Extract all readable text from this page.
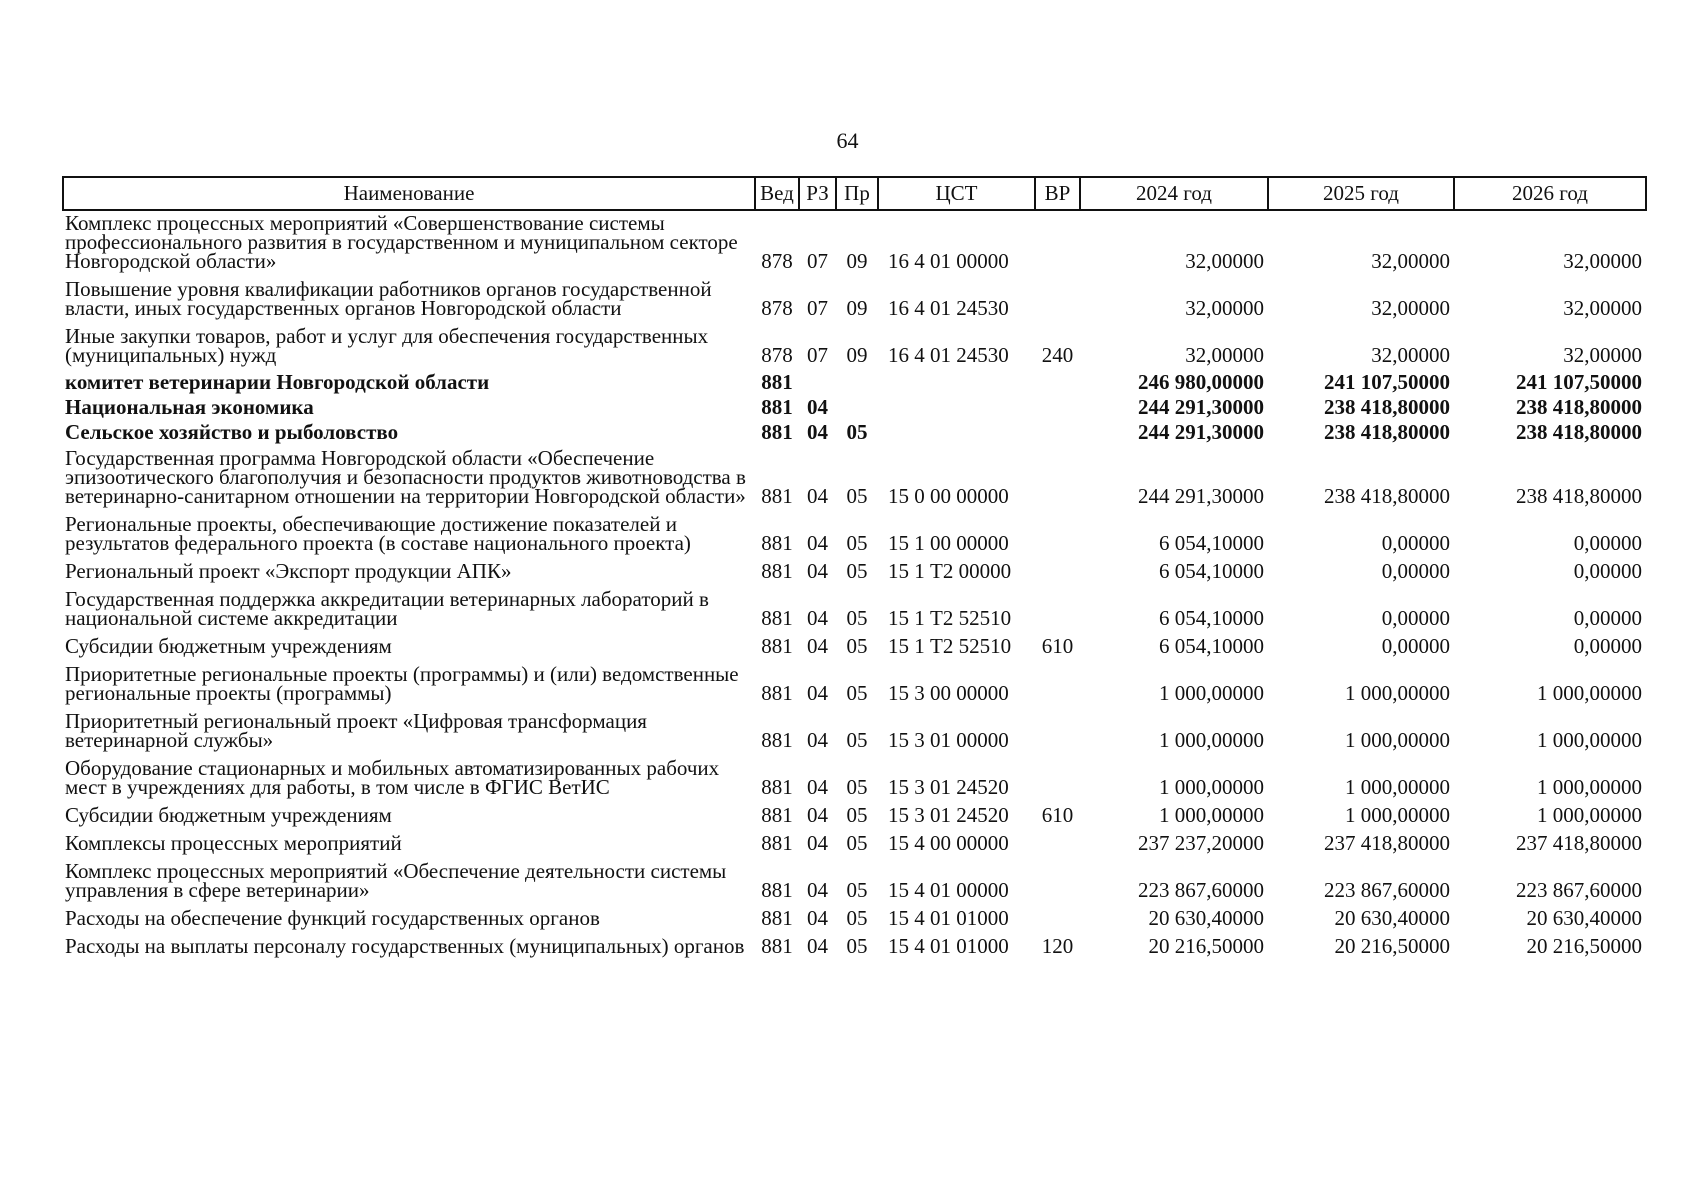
64
Наименование	Вед	РЗ	Пр	ЦСТ	ВР	2024 год	2025 год	2026 год
Комплекс процессных мероприятий «Совершенствование системы профессионального развития в государственном и муниципальном секторе Новгородской области»	878	07	09	16 4 01 00000		32,00000	32,00000	32,00000
Повышение уровня квалификации работников органов государственной власти, иных государственных органов Новгородской области	878	07	09	16 4 01 24530		32,00000	32,00000	32,00000
Иные закупки товаров, работ и услуг для обеспечения государственных (муниципальных) нужд	878	07	09	16 4 01 24530	240	32,00000	32,00000	32,00000
комитет ветеринарии Новгородской области	881					246 980,00000	241 107,50000	241 107,50000
Национальная экономика	881	04				244 291,30000	238 418,80000	238 418,80000
Сельское хозяйство и рыболовство	881	04	05			244 291,30000	238 418,80000	238 418,80000
Государственная программа Новгородской области «Обеспечение эпизоотического благополучия и безопасности продуктов животноводства в ветеринарно-санитарном отношении на территории Новгородской области»	881	04	05	15 0 00 00000		244 291,30000	238 418,80000	238 418,80000
Региональные проекты, обеспечивающие достижение показателей и результатов федерального проекта (в составе национального проекта)	881	04	05	15 1 00 00000		6 054,10000	0,00000	0,00000
Региональный проект «Экспорт продукции АПК»	881	04	05	15 1 Т2 00000		6 054,10000	0,00000	0,00000
Государственная поддержка аккредитации ветеринарных лабораторий в национальной системе аккредитации	881	04	05	15 1 Т2 52510		6 054,10000	0,00000	0,00000
Субсидии бюджетным учреждениям	881	04	05	15 1 Т2 52510	610	6 054,10000	0,00000	0,00000
Приоритетные региональные проекты (программы) и (или) ведомственные региональные проекты (программы)	881	04	05	15 3 00 00000		1 000,00000	1 000,00000	1 000,00000
Приоритетный региональный проект «Цифровая трансформация ветеринарной службы»	881	04	05	15 3 01 00000		1 000,00000	1 000,00000	1 000,00000
Оборудование стационарных и мобильных автоматизированных рабочих мест в учреждениях для работы, в том числе в ФГИС ВетИС	881	04	05	15 3 01 24520		1 000,00000	1 000,00000	1 000,00000
Субсидии бюджетным учреждениям	881	04	05	15 3 01 24520	610	1 000,00000	1 000,00000	1 000,00000
Комплексы процессных мероприятий	881	04	05	15 4 00 00000		237 237,20000	237 418,80000	237 418,80000
Комплекс процессных мероприятий «Обеспечение деятельности системы управления в сфере ветеринарии»	881	04	05	15 4 01 00000		223 867,60000	223 867,60000	223 867,60000
Расходы на обеспечение функций государственных органов	881	04	05	15 4 01 01000		20 630,40000	20 630,40000	20 630,40000
Расходы на выплаты персоналу государственных (муниципальных) органов	881	04	05	15 4 01 01000	120	20 216,50000	20 216,50000	20 216,50000
